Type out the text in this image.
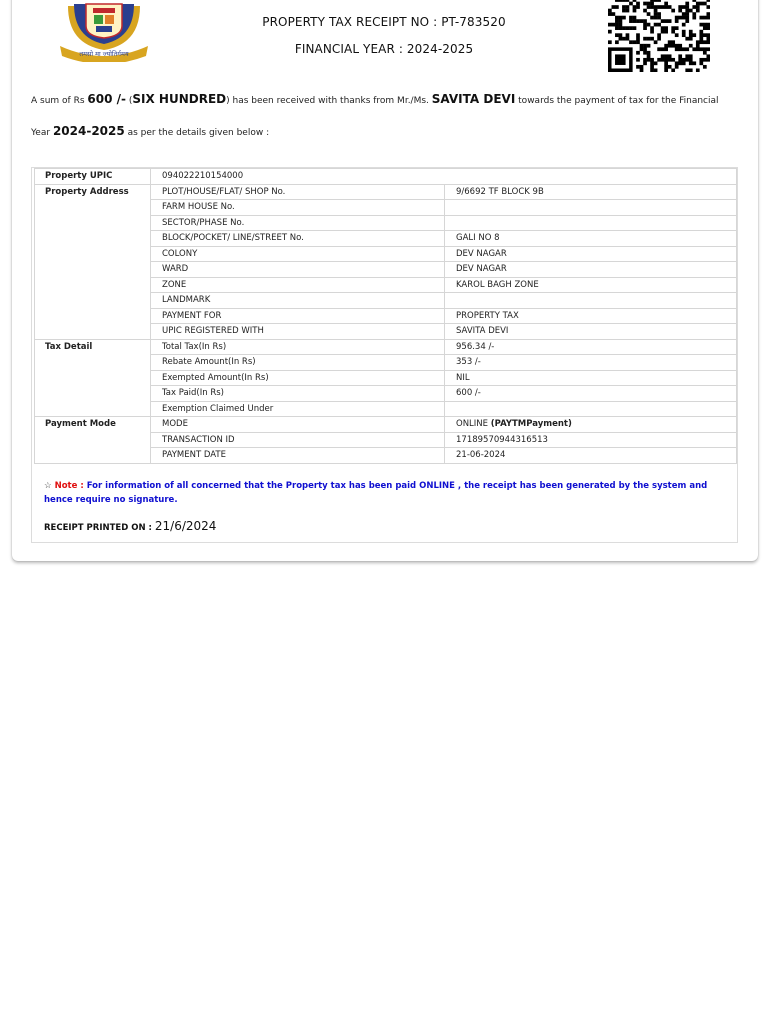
तमसो मा ज्योतिर्गमय
PROPERTY TAX RECEIPT NO : PT-783520
FINANCIAL YEAR : 2024-2025
A sum of Rs 600 /- (SIX HUNDRED) has been received with thanks from Mr./Ms. SAVITA DEVI towards the payment of tax for the Financial
Year 2024-2025 as per the details given below :
Property UPIC	094022210154000	
Property Address	PLOT/HOUSE/FLAT/ SHOP No.	9/6692 TF BLOCK 9B
	FARM HOUSE No.	
	SECTOR/PHASE No.	
	BLOCK/POCKET/ LINE/STREET No.	GALI NO 8
	COLONY	DEV NAGAR
	WARD	DEV NAGAR
	ZONE	KAROL BAGH ZONE
	LANDMARK	
	PAYMENT FOR	PROPERTY TAX
	UPIC REGISTERED WITH	SAVITA DEVI
Tax Detail	Total Tax(In Rs)	956.34 /-
	Rebate Amount(In Rs)	353 /-
	Exempted Amount(In Rs)	NIL
	Tax Paid(In Rs)	600 /-
	Exemption Claimed Under	
Payment Mode	MODE	ONLINE (PAYTMPayment)
	TRANSACTION ID	17189570944316513
	PAYMENT DATE	21-06-2024
☆ Note : For information of all concerned that the Property tax has been paid ONLINE , the receipt has been generated by the system and hence require no signature.
RECEIPT PRINTED ON : 21/6/2024
